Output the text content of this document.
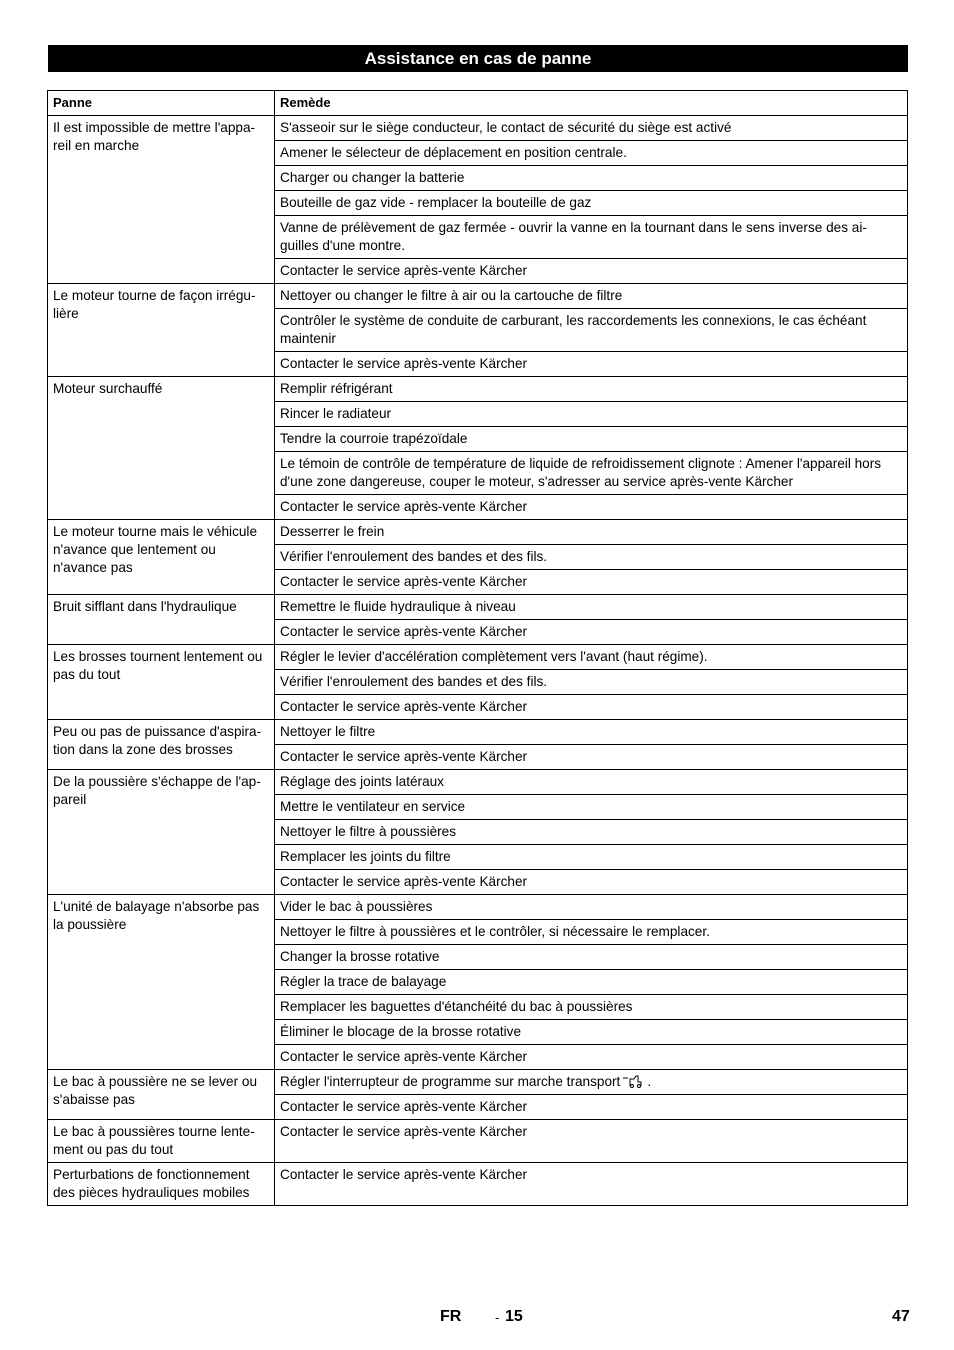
Assistance en cas de panne
Panne	Remède
Il est impossible de mettre l'appa-reil en marche	S'asseoir sur le siège conducteur, le contact de sécurité du siège est activé
	Amener le sélecteur de déplacement en position centrale.
	Charger ou changer la batterie
	Bouteille de gaz vide - remplacer la bouteille de gaz
	Vanne de prélèvement de gaz fermée - ouvrir la vanne en la tournant dans le sens inverse des ai-guilles d'une montre.
	Contacter le service après-vente Kärcher
Le moteur tourne de façon irrégu-lière	Nettoyer ou changer le filtre à air ou la cartouche de filtre
	Contrôler le système de conduite de carburant, les raccordements les connexions, le cas échéant maintenir
	Contacter le service après-vente Kärcher
Moteur surchauffé	Remplir réfrigérant
	Rincer le radiateur
	Tendre la courroie trapézoïdale
	Le témoin de contrôle de température de liquide de refroidissement clignote : Amener l'appareil hors d'une zone dangereuse, couper le moteur, s'adresser au service après-vente Kärcher
	Contacter le service après-vente Kärcher
Le moteur tourne mais le véhicule n'avance que lentement ou n'avance pas	Desserrer le frein
	Vérifier l'enroulement des bandes et des fils.
	Contacter le service après-vente Kärcher
Bruit sifflant dans l'hydraulique	Remettre le fluide hydraulique à niveau
	Contacter le service après-vente Kärcher
Les brosses tournent lentement ou pas du tout	Régler le levier d'accélération complètement vers l'avant (haut régime).
	Vérifier l'enroulement des bandes et des fils.
	Contacter le service après-vente Kärcher
Peu ou pas de puissance d'aspira-tion dans la zone des brosses	Nettoyer le filtre
	Contacter le service après-vente Kärcher
De la poussière s'échappe de l'ap-pareil	Réglage des joints latéraux
	Mettre le ventilateur en service
	Nettoyer le filtre à poussières
	Remplacer les joints du filtre
	Contacter le service après-vente Kärcher
L'unité de balayage n'absorbe pas la poussière	Vider le bac à poussières
	Nettoyer le filtre à poussières et le contrôler, si nécessaire le remplacer.
	Changer la brosse rotative
	Régler la trace de balayage
	Remplacer les baguettes d'étanchéité du bac à poussières
	Éliminer le blocage de la brosse rotative
	Contacter le service après-vente Kärcher
Le bac à poussière ne se lever ou s'abaisse pas	Régler l'interrupteur de programme sur marche transport .
	Contacter le service après-vente Kärcher
Le bac à poussières tourne lente-ment ou pas du tout	Contacter le service après-vente Kärcher
Perturbations de fonctionnement des pièces hydrauliques mobiles	Contacter le service après-vente Kärcher
FR	- 15	47
